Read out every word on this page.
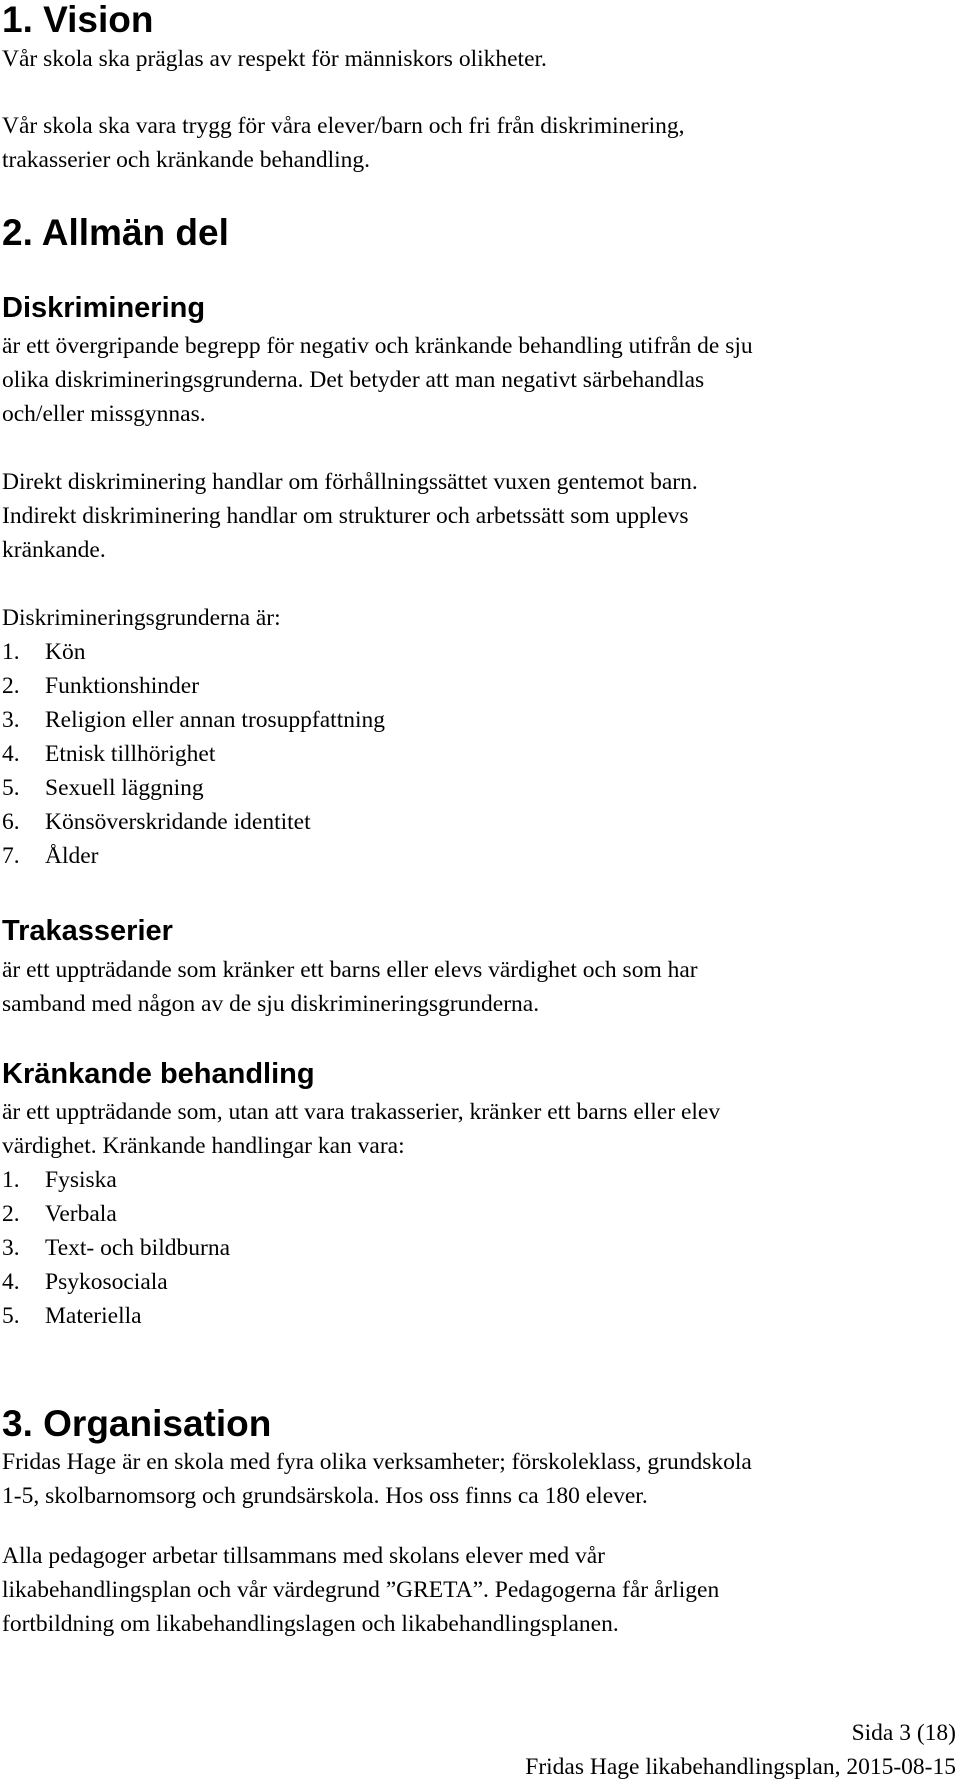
1. Vision

Vår skola ska präglas av respekt för människors olikheter.

Vår skola ska vara trygg för våra elever/barn och fri från diskriminering,

trakasserier och kränkande behandling.

2. Allmän del
Diskriminering

är ett övergripande begrepp för negativ och kränkande behandling utifrån de sju

olika diskrimineringsgrunderna. Det betyder att man negativt särbehandlas

och/eller missgynnas.

Direkt diskriminering handlar om förhållningssättet vuxen gentemot barn.

Indirekt diskriminering handlar om strukturer och arbetssätt som upplevs

kränkande.

Diskrimineringsgrunderna är:

1. Kön
2. Funktionshinder
3. Religion eller annan trosuppfattning
4. Etnisk tillhörighet
5. Sexuell läggning
6. Könsöverskridande identitet
7. Ålder
Trakasserier

är ett uppträdande som kränker ett barns eller elevs värdighet och som har

samband med någon av de sju diskrimineringsgrunderna.

Kränkande behandling

är ett uppträdande som, utan att vara trakasserier, kränker ett barns eller elev

värdighet. Kränkande handlingar kan vara:

1. Fysiska
2. Verbala
3. Text- och bildburna
4. Psykosociala
5. Materiella
3. Organisation

Fridas Hage är en skola med fyra olika verksamheter; förskoleklass, grundskola

1-5, skolbarnomsorg och grundsärskola. Hos oss finns ca 180 elever.

Alla pedagoger arbetar tillsammans med skolans elever med vår

likabehandlingsplan och vår värdegrund ”GRETA”. Pedagogerna får årligen

fortbildning om likabehandlingslagen och likabehandlingsplanen.

Sida 3 (18)

Fridas Hage likabehandlingsplan, 2015-08-15
